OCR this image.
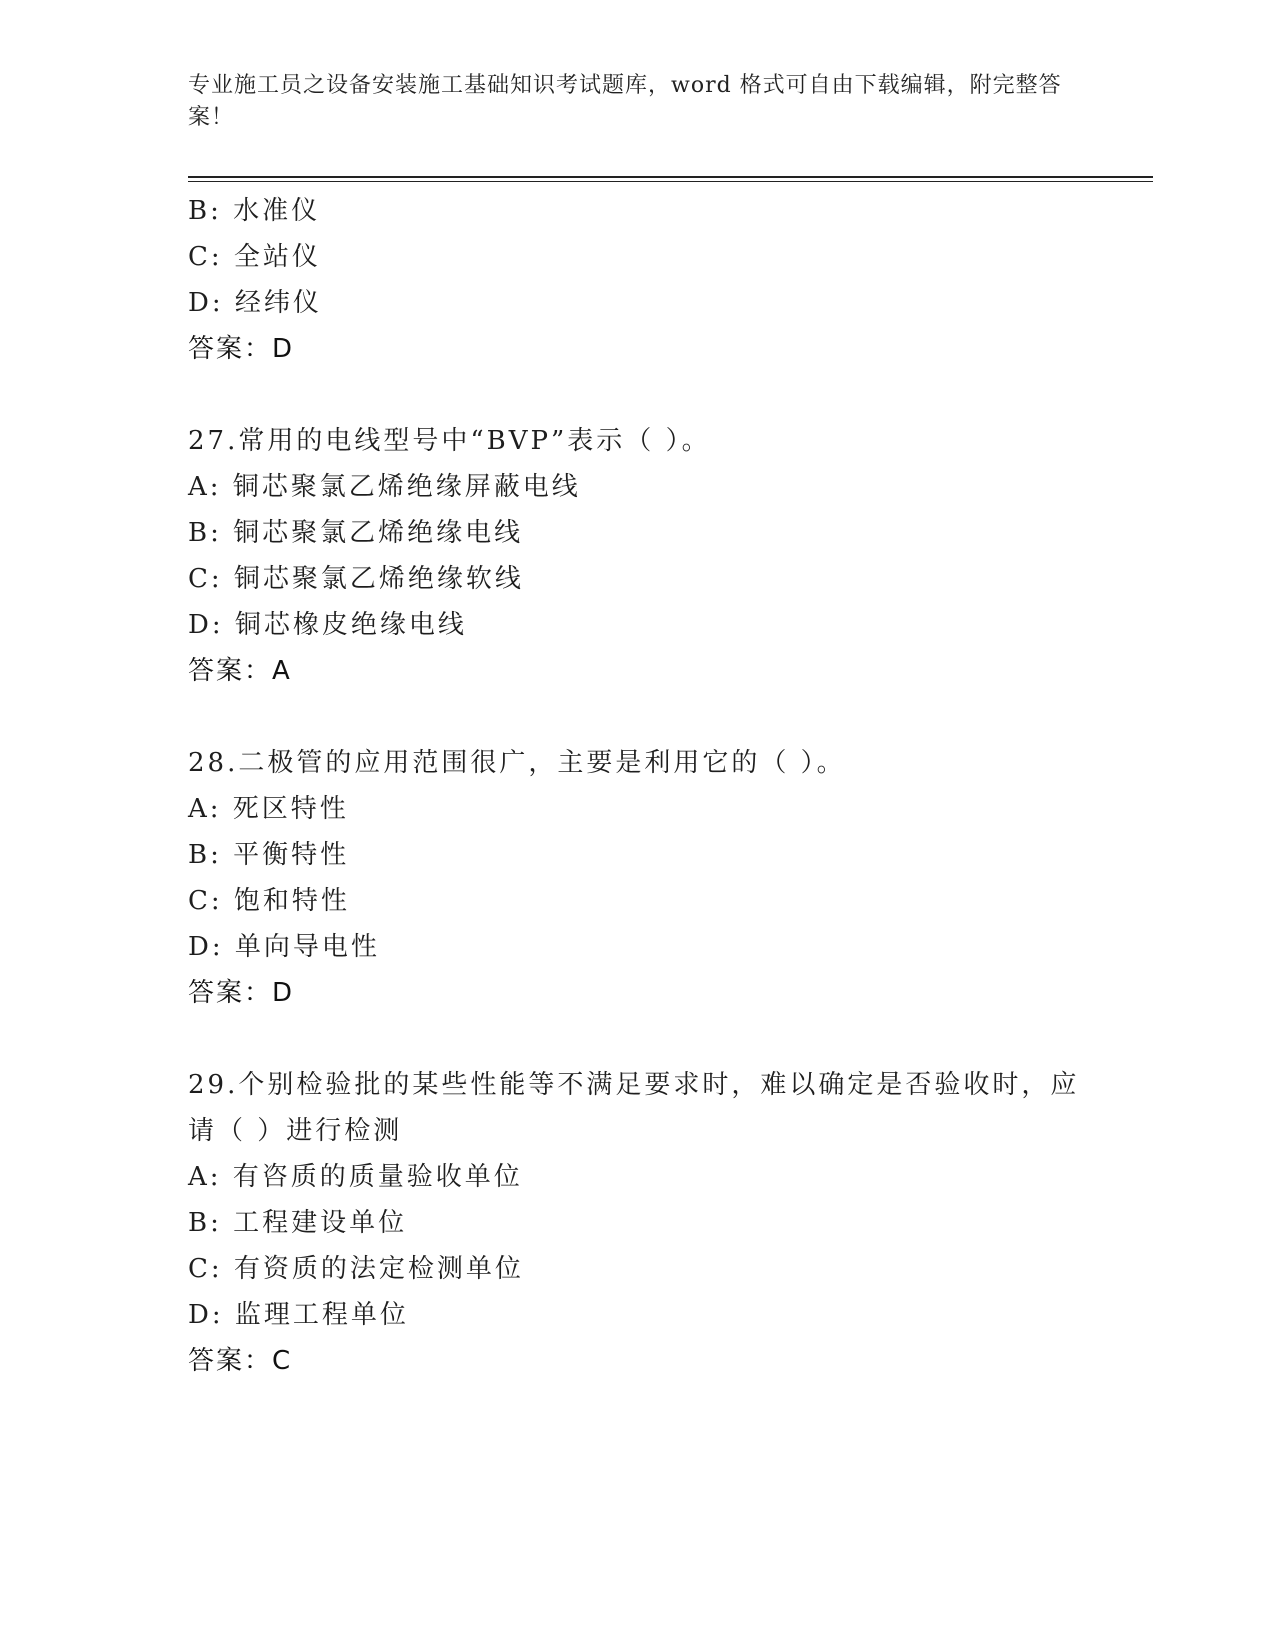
专业施工员之设备安装施工基础知识考试题库，word 格式可自由下载编辑，附完整答案！
B: 水准仪
C: 全站仪
D: 经纬仪
答案：D
27.常用的电线型号中“BVP”表示（ ）。
A: 铜芯聚氯乙烯绝缘屏蔽电线
B: 铜芯聚氯乙烯绝缘电线
C: 铜芯聚氯乙烯绝缘软线
D: 铜芯橡皮绝缘电线
答案：A
28.二极管的应用范围很广，主要是利用它的（ ）。
A: 死区特性
B: 平衡特性
C: 饱和特性
D: 单向导电性
答案：D
29.个别检验批的某些性能等不满足要求时，难以确定是否验收时，应请（ ）进行检测
A: 有咨质的质量验收单位
B: 工程建设单位
C: 有资质的法定检测单位
D: 监理工程单位
答案：C
